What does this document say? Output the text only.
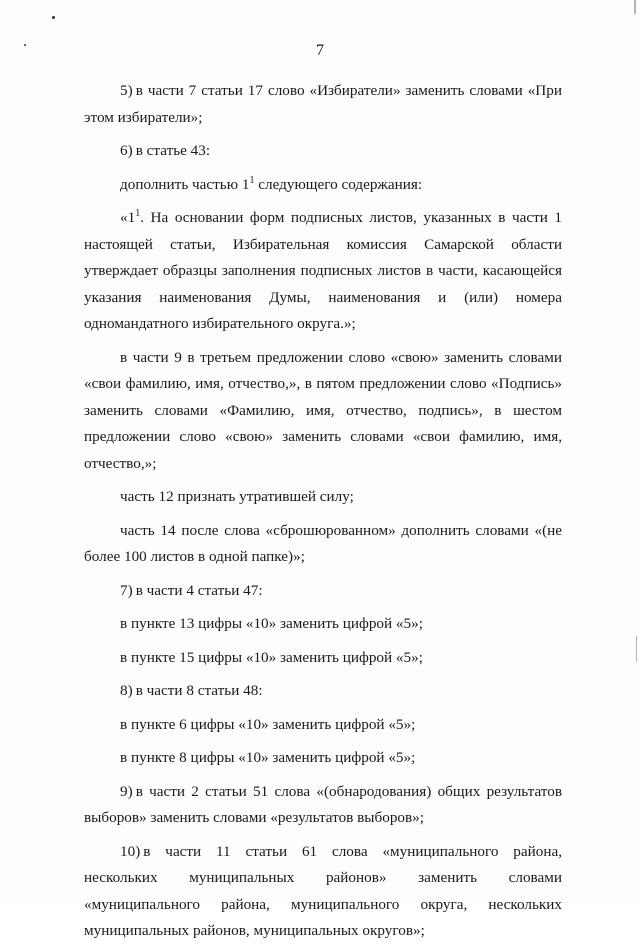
7

5) в части 7 статьи 17 слово «Избиратели» заменить словами «При этом избиратели»;

6) в статье 43:

дополнить частью $1^1$ следующего содержания:

«$1^1$. На основании форм подписных листов, указанных в части 1 настоящей статьи, Избирательная комиссия Самарской области утверждает образцы заполнения подписных листов в части, касающейся указания наименования Думы, наименования и (или) номера одномандатного избирательного округа.»;

в части 9 в третьем предложении слово «свою» заменить словами «свои фамилию, имя, отчество,», в пятом предложении слово «Подпись» заменить словами «Фамилию, имя, отчество, подпись», в шестом предложении слово «свою» заменить словами «свои фамилию, имя, отчество,»;

часть 12 признать утратившей силу;

часть 14 после слова «сброшюрованном» дополнить словами «(не более 100 листов в одной папке)»;

7) в части 4 статьи 47:

в пункте 13 цифры «10» заменить цифрой «5»;

в пункте 15 цифры «10» заменить цифрой «5»;

8) в части 8 статьи 48:

в пункте 6 цифры «10» заменить цифрой «5»;

в пункте 8 цифры «10» заменить цифрой «5»;

9) в части 2 статьи 51 слова «(обнародования) общих результатов выборов» заменить словами «результатов выборов»;

10) в части 11 статьи 61 слова «муниципального района, нескольких муниципальных районов» заменить словами «муниципального района, муниципального округа, нескольких муниципальных районов, муниципальных округов»;
